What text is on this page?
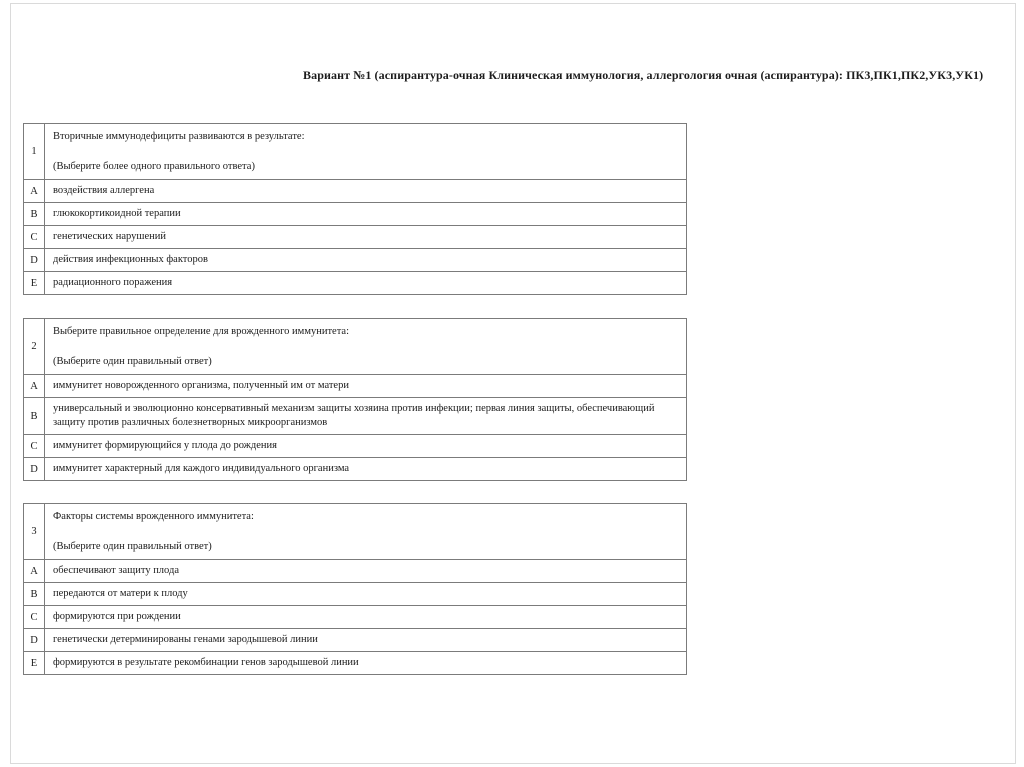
Вариант №1 (аспирантура-очная Клиническая иммунология, аллергология очная (аспирантура): ПК3,ПК1,ПК2,УК3,УК1)
1	Вторичные иммунодефициты развиваются в результате:
(Выберите более одного правильного ответа)

A	воздействия аллергена
B	глюкокортикоидной терапии
C	генетических нарушений
D	действия инфекционных факторов
E	радиационного поражения
2	Выберите правильное определение для врожденного иммунитета:
(Выберите один правильный ответ)

A	иммунитет новорожденного организма, полученный им от матери
B	универсальный и эволюционно консервативный механизм защиты хозяина против инфекции; первая линия защиты, обеспечивающий защиту против различных болезнетворных микроорганизмов
C	иммунитет формирующийся у плода до рождения
D	иммунитет характерный для каждого индивидуального организма
3	Факторы системы врожденного иммунитета:
(Выберите один правильный ответ)

A	обеспечивают защиту плода
B	передаются от матери к плоду
C	формируются при рождении
D	генетически детерминированы генами зародышевой линии
E	формируются в результате рекомбинации генов зародышевой линии
